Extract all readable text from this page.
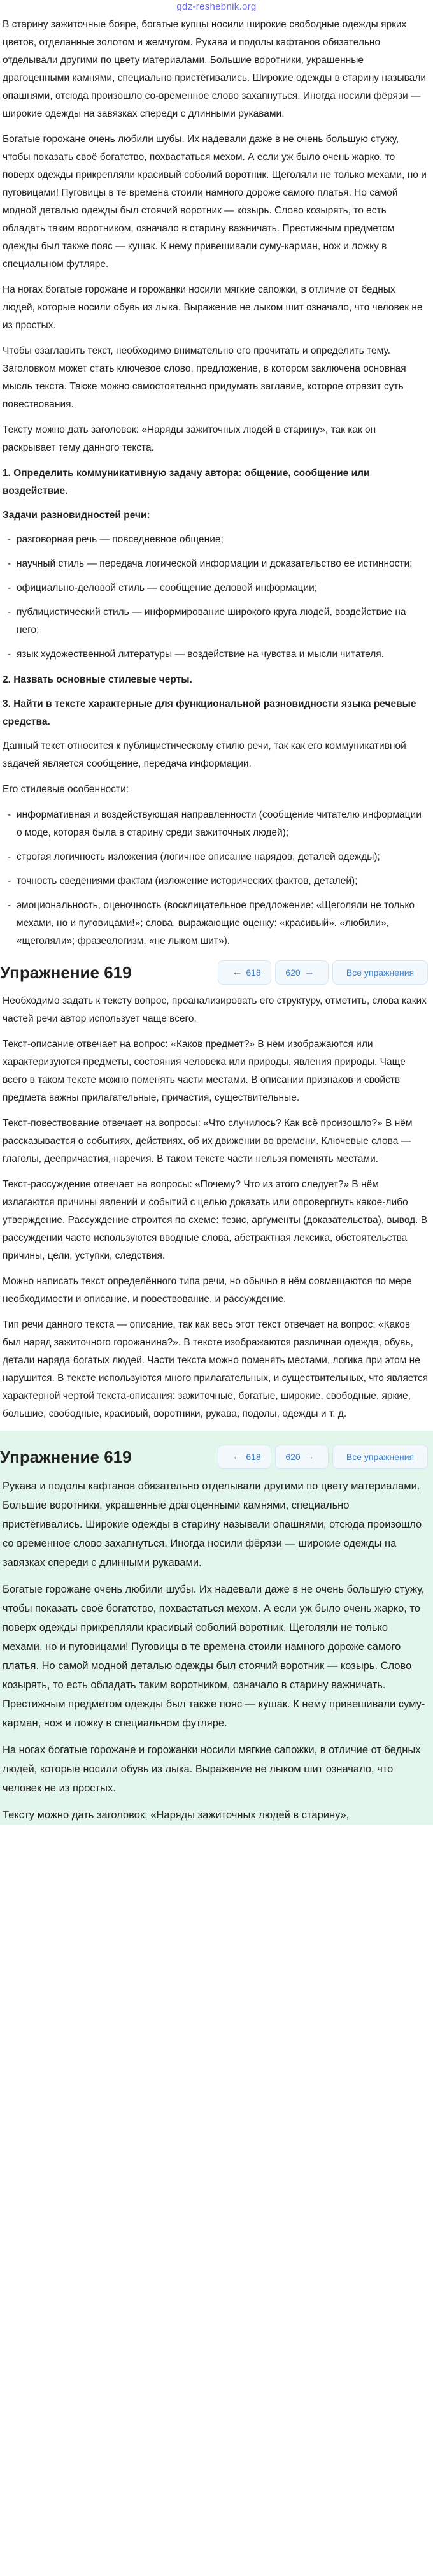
gdz-reshebnik.org

В старину зажиточные бояре, богатые купцы носили широкие свободные одежды ярких цветов, отделанные золотом и жемчугом. Рукава и подолы кафтанов обязательно отделывали другими по цвету материалами. Большие воротники, украшенные драгоценными камнями, специально пристёгивались. Широкие одежды в старину называли опашнями, отсюда произошло со-временное слово захапнуться. Иногда носили фёрязи — широкие одежды на завязках спереди с длинными рукавами.

Богатые горожане очень любили шубы. Их надевали даже в не очень большую стужу, чтобы показать своё богатство, похвастаться мехом. А если уж было очень жарко, то поверх одежды прикрепляли красивый соболий воротник. Щеголяли не только мехами, но и пуговицами! Пуговицы в те времена стоили намного дороже самого платья. Но самой модной деталью одежды был стоячий воротник — козырь. Слово козырять, то есть обладать таким воротником, означало в старину важничать. Престижным предметом одежды был также пояс — кушак. К нему привешивали суму-карман, нож и ложку в специальном футляре.

На ногах богатые горожане и горожанки носили мягкие сапожки, в отличие от бедных людей, которые носили обувь из лыка. Выражение не лыком шит означало, что человек не из простых.

Чтобы озаглавить текст, необходимо внимательно его прочитать и определить тему. Заголовком может стать ключевое слово, предложение, в котором заключена основная мысль текста. Также можно самостоятельно придумать заглавие, которое отразит суть повествования.

Тексту можно дать заголовок: «Наряды зажиточных людей в старину», так как он раскрывает тему данного текста.

1. Определить коммуникативную задачу автора: общение, сообщение или воздействие.

Задачи разновидностей речи:

- разговорная речь — повседневное общение;
- научный стиль — передача логической информации и доказательство её истинности;
- официально-деловой стиль — сообщение деловой информации;
- публицистический стиль — информирование широкого круга людей, воздействие на него;
- язык художественной литературы — воздействие на чувства и мысли читателя.

2. Назвать основные стилевые черты.

3. Найти в тексте характерные для функциональной разновидности языка речевые средства.

Данный текст относится к публицистическому стилю речи, так как его коммуникативной задачей является сообщение, передача информации.

Его стилевые особенности:

- информативная и воздействующая направленности (сообщение читателю информации о моде, которая была в старину среди зажиточных людей);
- строгая логичность изложения (логичное описание нарядов, деталей одежды);
- точность сведениями фактам (изложение исторических фактов, деталей);
- эмоциональность, оценочность (восклицательное предложение: «Щеголяли не только мехами, но и пуговицами!»; слова, выражающие оценку: «красивый», «любили», «щеголяли»; фразеологизм: «не лыком шит»).
Упражнение 619	← 618	620 →	Все упражнения

Необходимо задать к тексту вопрос, проанализировать его структуру, отметить, слова каких частей речи автор использует чаще всего.

Текст-описание отвечает на вопрос: «Каков предмет?» В нём изображаются или характеризуются предметы, состояния человека или природы, явления природы. Чаще всего в таком тексте можно поменять части местами. В описании признаков и свойств предмета важны прилагательные, причастия, существительные.

Текст-повествование отвечает на вопросы: «Что случилось? Как всё произошло?» В нём рассказывается о событиях, действиях, об их движении во времени. Ключевые слова — глаголы, деепричастия, наречия. В таком тексте части нельзя поменять местами.

Текст-рассуждение отвечает на вопросы: «Почему? Что из этого следует?» В нём излагаются причины явлений и событий с целью доказать или опровергнуть какое-либо утверждение. Рассуждение строится по схеме: тезис, аргументы (доказательства), вывод. В рассуждении часто используются вводные слова, абстрактная лексика, обстоятельства причины, цели, уступки, следствия.

Можно написать текст определённого типа речи, но обычно в нём совмещаются по мере необходимости и описание, и повествование, и рассуждение.

Тип речи данного текста — описание, так как весь этот текст отвечает на вопрос: «Каков был наряд зажиточного горожанина?». В тексте изображаются различная одежда, обувь, детали наряда богатых людей. Части текста можно поменять местами, логика при этом не нарушится. В тексте используются много прилагательных, и существительных, что является характерной чертой текста-описания: зажиточные, богатые, широкие, свободные, яркие, большие, свободные, красивый, воротники, рукава, подолы, одежды и т. д.

Упражнение 619	← 618	620 →	Все упражнения

Рукава и подолы кафтанов обязательно отделывали другими по цвету материалами. Большие воротники, украшенные драгоценными камнями, специально пристёгивались. Широкие одежды в старину называли опашнями, отсюда произошло со временное слово захапнуться. Иногда носили фёрязи — широкие одежды на завязках спереди с длинными рукавами.

Богатые горожане очень любили шубы. Их надевали даже в не очень большую стужу, чтобы показать своё богатство, похвастаться мехом. А если уж было очень жарко, то поверх одежды прикрепляли красивый соболий воротник. Щеголяли не только мехами, но и пуговицами! Пуговицы в те времена стоили намного дороже самого платья. Но самой модной деталью одежды был стоячий воротник — козырь. Слово козырять, то есть обладать таким воротником, означало в старину важничать. Престижным предметом одежды был также пояс — кушак. К нему привешивали суму-карман, нож и ложку в специальном футляре.

На ногах богатые горожане и горожанки носили мягкие сапожки, в отличие от бедных людей, которые носили обувь из лыка. Выражение не лыком шит означало, что человек не из простых.

Тексту можно дать заголовок: «Наряды зажиточных людей в старину»,
